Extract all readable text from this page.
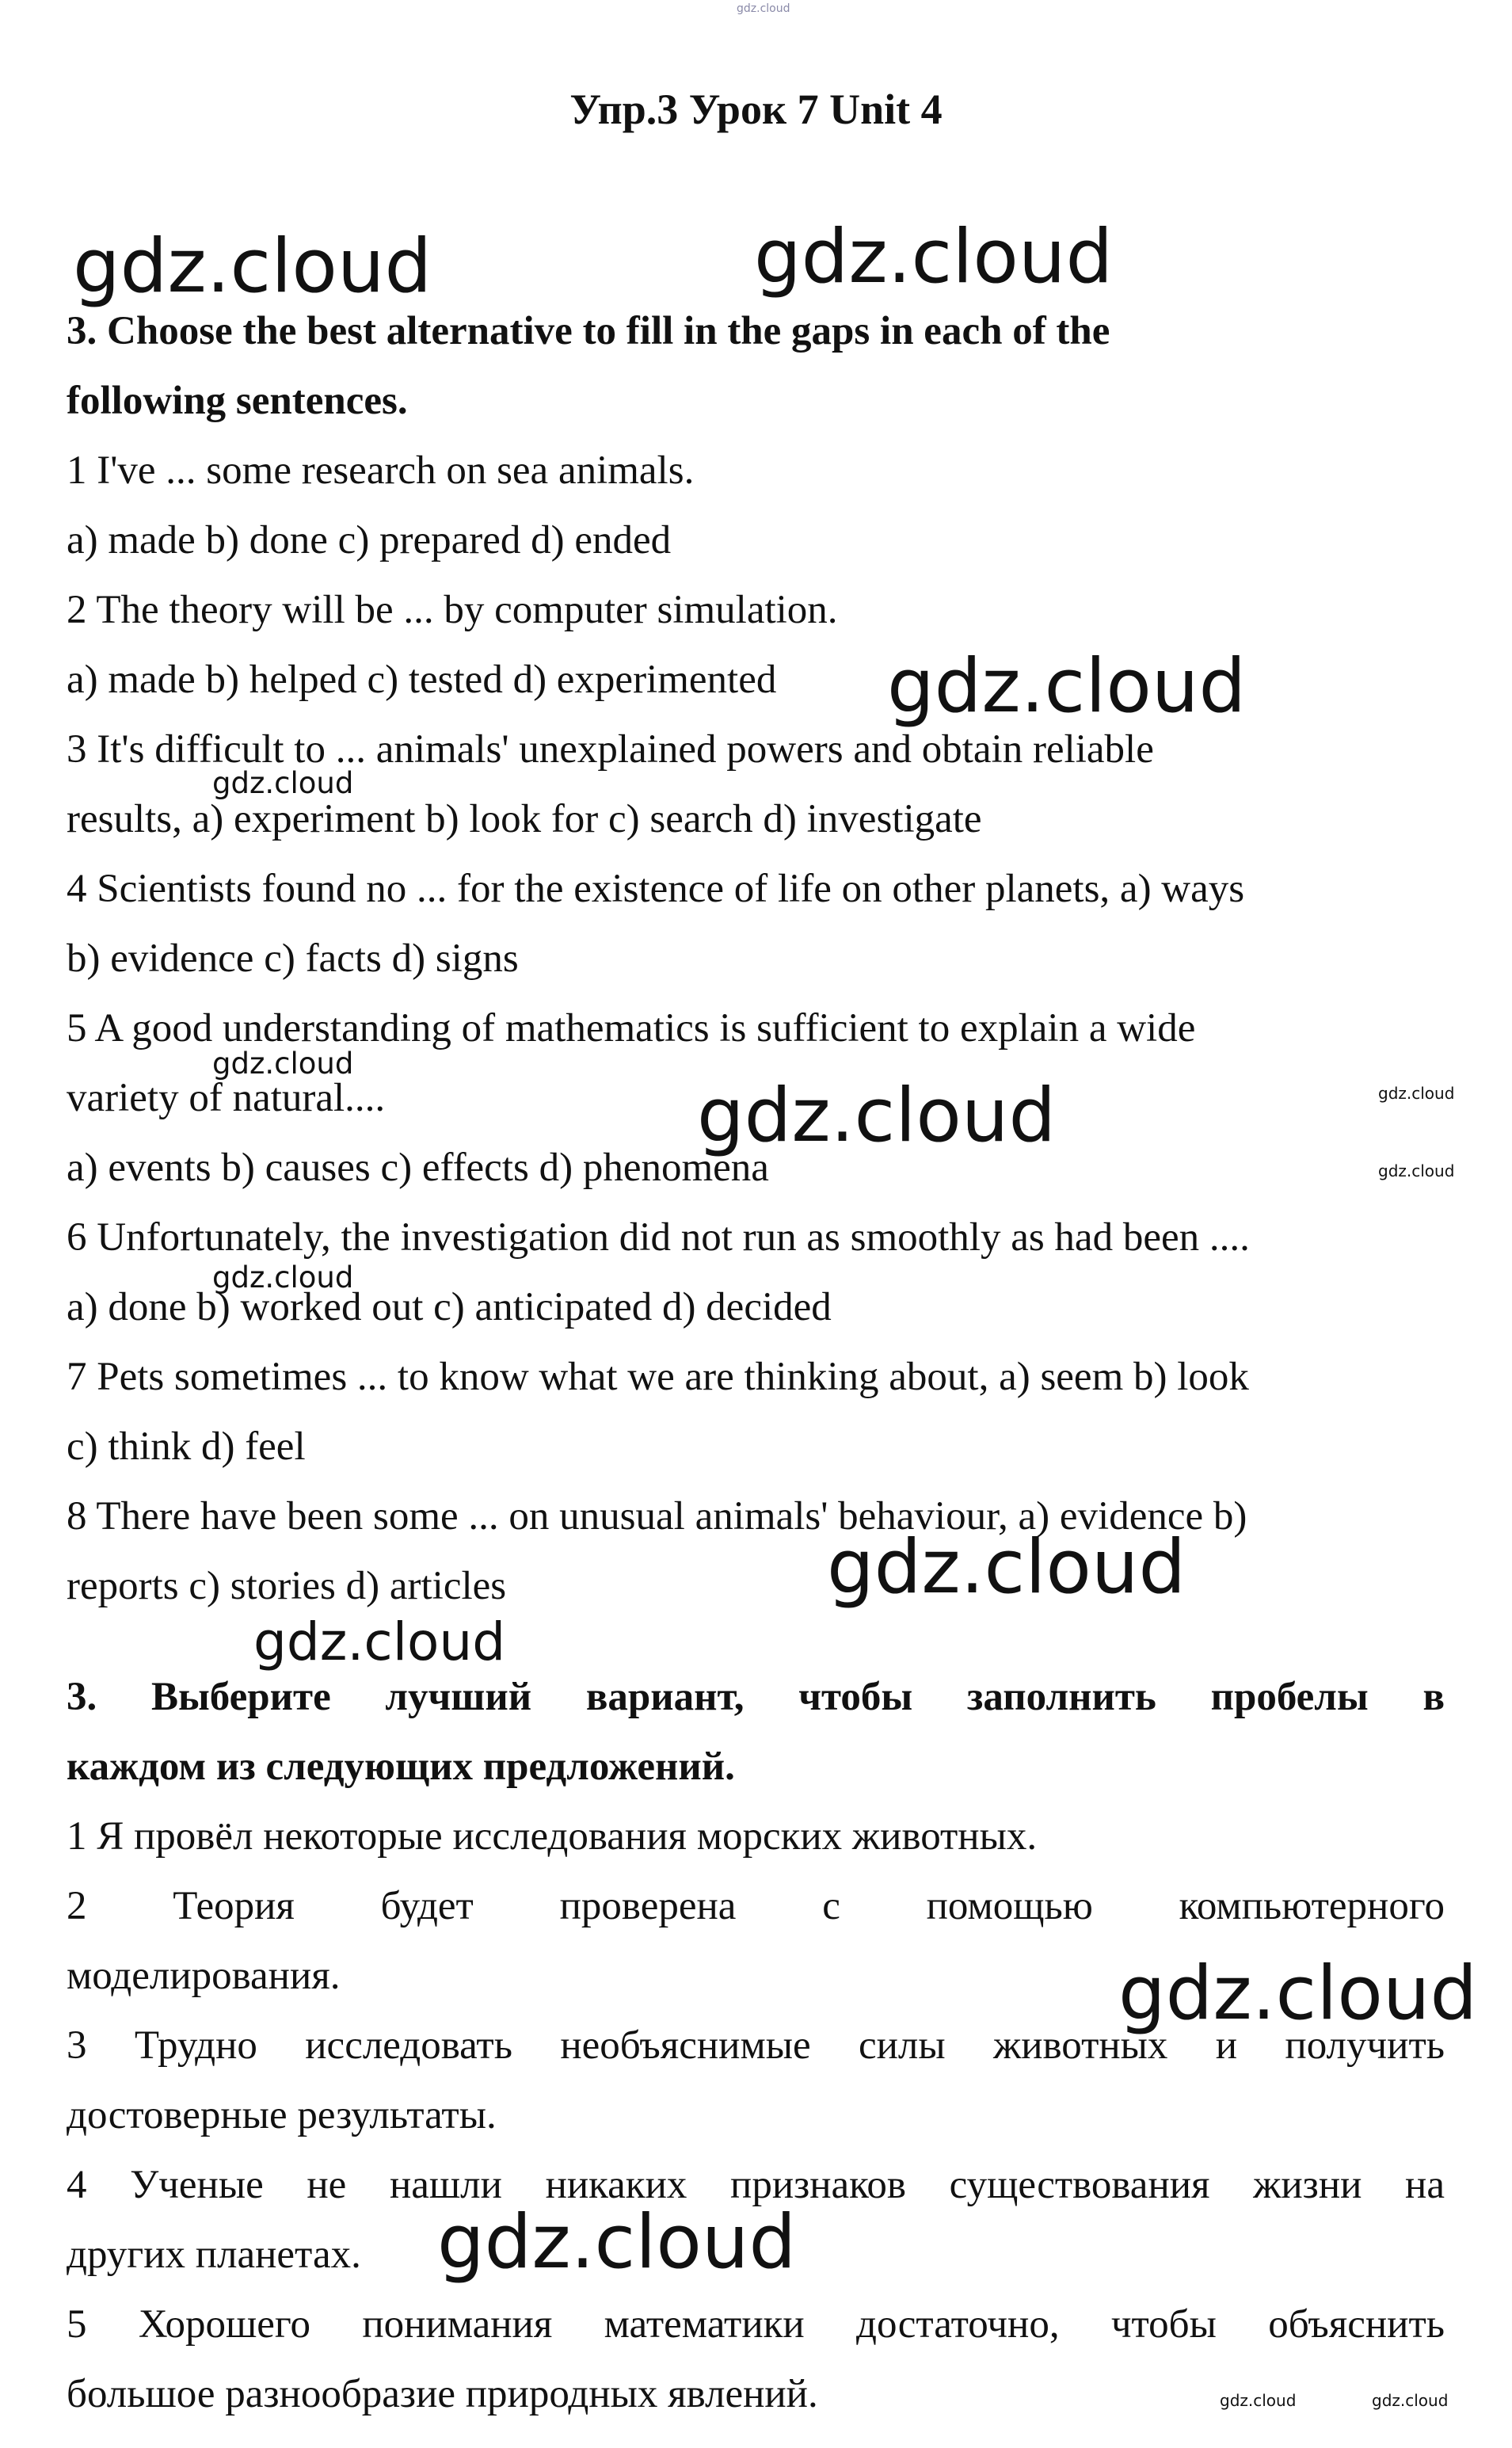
gdz.cloud
Упр.3 Урок 7 Unit 4
3. Choose the best alternative to fill in the gaps in each of the
following sentences.
1 I've ... some research on sea animals.
a) made b) done c) prepared d) ended
2 The theory will be ... by computer simulation.
a) made b) helped c) tested d) experimented
3 It's difficult to ... animals' unexplained powers and obtain reliable
results, a) experiment b) look for c) search d) investigate
4 Scientists found no ... for the existence of life on other planets, a) ways
b) evidence c) facts d) signs
5 A good understanding of mathematics is sufficient to explain a wide
variety of natural....
a) events b) causes c) effects d) phenomena
6 Unfortunately, the investigation did not run as smoothly as had been ....
a) done b) worked out c) anticipated d) decided
7 Pets sometimes ... to know what we are thinking about, a) seem b) look
c) think d) feel
8 There have been some ... on unusual animals' behaviour, a) evidence b)
reports c) stories d) articles
3. Выберите лучший вариант, чтобы заполнить пробелы в
каждом из следующих предложений.
1 Я провёл некоторые исследования морских животных.
2 Теория будет проверена с помощью компьютерного
моделирования.
3 Трудно исследовать необъяснимые силы животных и получить
достоверные результаты.
4 Ученые не нашли никаких признаков существования жизни на
других планетах.
5 Хорошего понимания математики достаточно, чтобы объяснить
большое разнообразие природных явлений.
gdz.cloud	gdz.cloud
gdz.cloud
gdz.cloud
gdz.cloud
gdz.cloud	gdz.cloud
gdz.cloud
gdz.cloud
gdz.cloud
gdz.cloud
gdz.cloud
gdz.cloud
gdz.cloud	gdz.cloud
